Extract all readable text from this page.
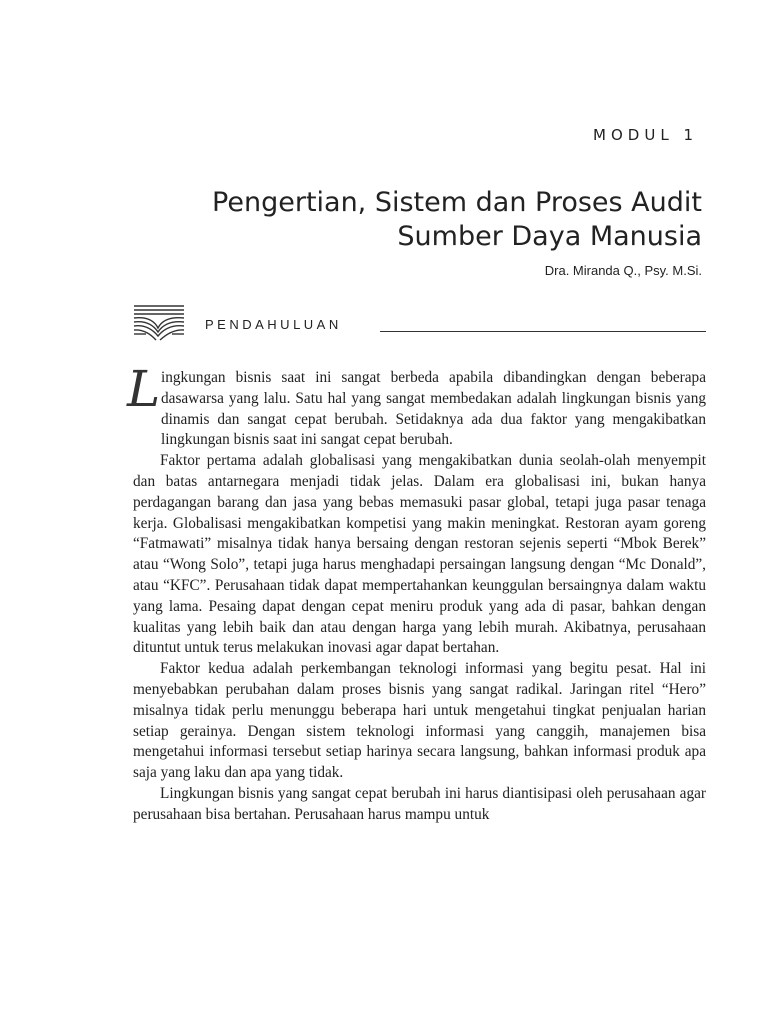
MODUL 1
Pengertian, Sistem dan Proses Audit
Sumber Daya Manusia
Dra. Miranda Q., Psy. M.Si.
PENDAHULUAN

L ingkungan bisnis saat ini sangat berbeda apabila dibandingkan dengan beberapa dasawarsa yang lalu. Satu hal yang sangat membedakan adalah lingkungan bisnis yang dinamis dan sangat cepat berubah. Setidaknya ada dua faktor yang mengakibatkan lingkungan bisnis saat ini sangat cepat berubah.

Faktor pertama adalah globalisasi yang mengakibatkan dunia seolah-olah menyempit dan batas antarnegara menjadi tidak jelas. Dalam era globalisasi ini, bukan hanya perdagangan barang dan jasa yang bebas memasuki pasar global, tetapi juga pasar tenaga kerja. Globalisasi mengakibatkan kompetisi yang makin meningkat. Restoran ayam goreng “Fatmawati” misalnya tidak hanya bersaing dengan restoran sejenis seperti “Mbok Berek” atau “Wong Solo”, tetapi juga harus menghadapi persaingan langsung dengan “Mc Donald”, atau “KFC”. Perusahaan tidak dapat mempertahankan keunggulan bersaingnya dalam waktu yang lama. Pesaing dapat dengan cepat meniru produk yang ada di pasar, bahkan dengan kualitas yang lebih baik dan atau dengan harga yang lebih murah. Akibatnya, perusahaan dituntut untuk terus melakukan inovasi agar dapat bertahan.

Faktor kedua adalah perkembangan teknologi informasi yang begitu pesat. Hal ini menyebabkan perubahan dalam proses bisnis yang sangat radikal. Jaringan ritel “Hero” misalnya tidak perlu menunggu beberapa hari untuk mengetahui tingkat penjualan harian setiap gerainya. Dengan sistem teknologi informasi yang canggih, manajemen bisa mengetahui informasi tersebut setiap harinya secara langsung, bahkan informasi produk apa saja yang laku dan apa yang tidak.

Lingkungan bisnis yang sangat cepat berubah ini harus diantisipasi oleh perusahaan agar perusahaan bisa bertahan. Perusahaan harus mampu untuk
